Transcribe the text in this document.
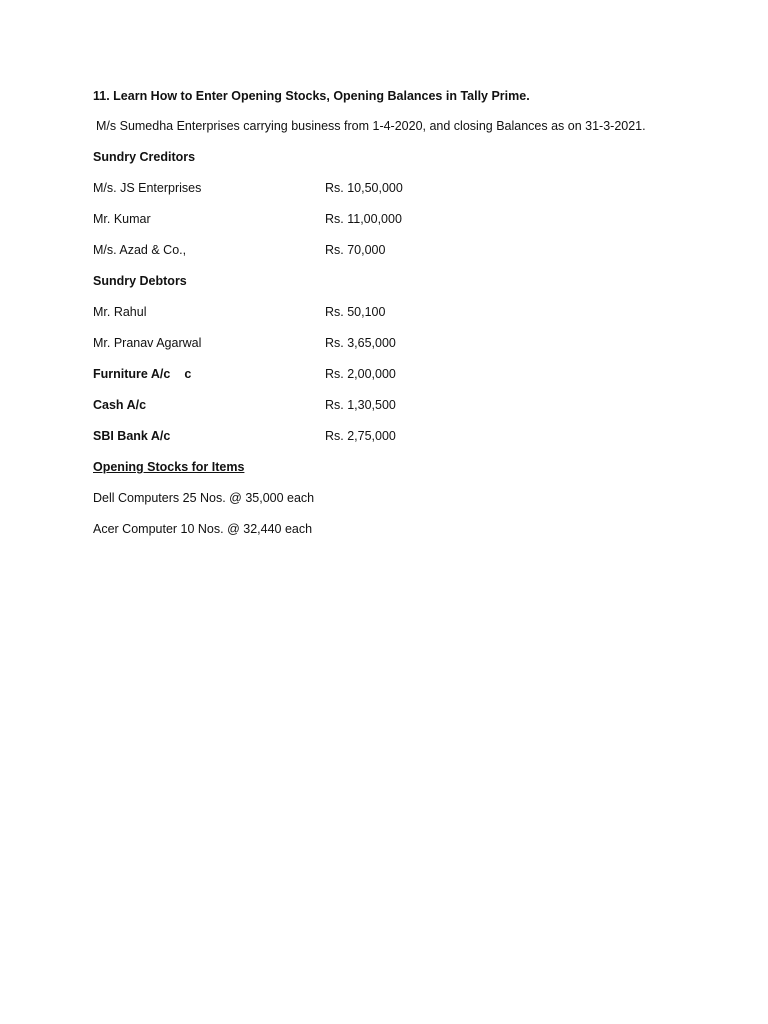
11. Learn How to Enter Opening Stocks, Opening Balances in Tally Prime.
M/s Sumedha Enterprises carrying business from 1-4-2020, and closing Balances as on 31-3-2021.
Sundry Creditors
M/s. JS Enterprises	Rs. 10,50,000
Mr. Kumar	Rs. 11,00,000
M/s. Azad & Co.,	Rs. 70,000
Sundry Debtors
Mr. Rahul	Rs. 50,100
Mr. Pranav Agarwal	Rs. 3,65,000
Furniture A/c c	Rs. 2,00,000
Cash A/c	Rs. 1,30,500
SBI Bank A/c	Rs. 2,75,000
Opening Stocks for Items
Dell Computers 25 Nos. @ 35,000 each
Acer Computer 10 Nos. @ 32,440 each
